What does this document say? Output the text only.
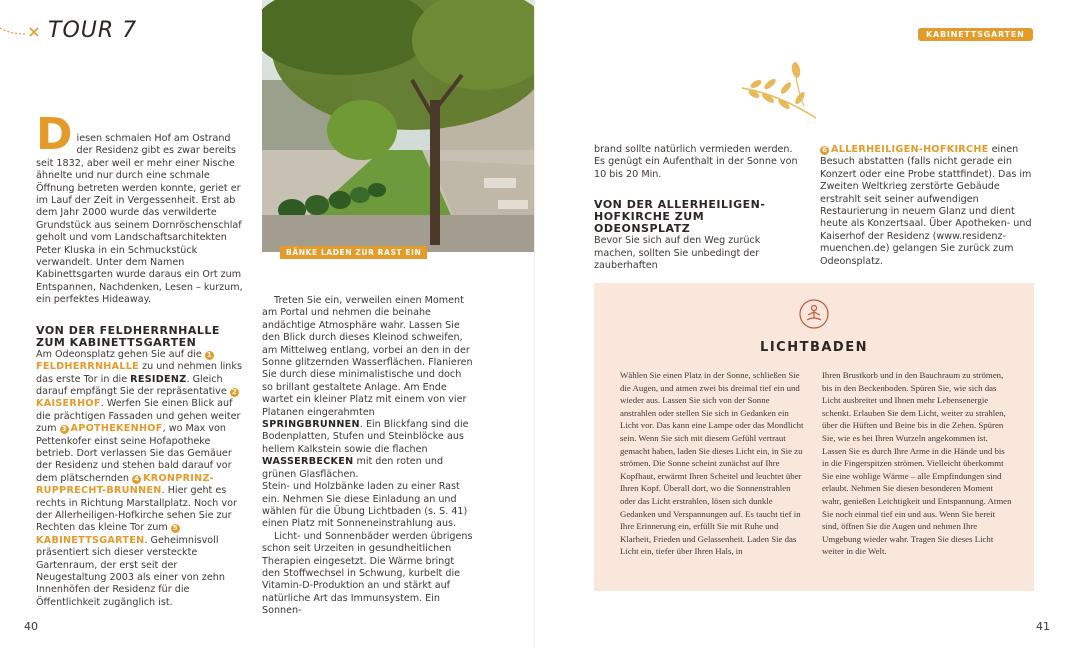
TOUR 7

Diesen schmalen Hof am Ostrand der Residenz gibt es zwar bereits seit 1832, aber weil er mehr einer Nische ähnelte und nur durch eine schmale Öffnung betreten werden konnte, geriet er im Lauf der Zeit in Vergessenheit. Erst ab dem Jahr 2000 wurde das verwilderte Grundstück aus seinem Dornröschenschlaf geholt und vom Landschaftsarchitekten Peter Kluska in ein Schmuckstück verwandelt. Unter dem Namen Kabinettsgarten wurde daraus ein Ort zum Entspannen, Nachdenken, Lesen – kurzum, ein perfektes Hideaway.

VON DER FELDHERRNHALLE ZUM KABINETTSGARTEN

Am Odeonsplatz gehen Sie auf die 1FELDHERRNHALLE zu und nehmen links das erste Tor in die RESIDENZ. Gleich darauf empfängt Sie der repräsentative 2KAISERHOF. Werfen Sie einen Blick auf die prächtigen Fassaden und gehen weiter zum 3 APOTHEKENHOF, wo Max von Pettenkofer einst seine Hofapotheke betrieb. Dort verlassen Sie das Gemäuer der Residenz und stehen bald darauf vor dem plätschernden 4 KRONPRINZ-RUPPRECHT-BRUNNEN. Hier geht es rechts in Richtung Marstallplatz. Noch vor der Allerheiligen-Hofkirche sehen Sie zur Rechten das kleine Tor zum 5KABINETTSGARTEN. Geheimnisvoll präsentiert sich dieser versteckte Gartenraum, der erst seit der Neugestaltung 2003 als einer von zehn Innenhöfen der Residenz für die Öffentlichkeit zugänglich ist.

BÄNKE LADEN ZUR RAST EIN

Treten Sie ein, verweilen einen Moment am Portal und nehmen die beinahe andächtige Atmosphäre wahr. Lassen Sie den Blick durch dieses Kleinod schweifen, am Mittelweg entlang, vorbei an den in der Sonne glitzernden Wasserflächen. Flanieren Sie durch diese minimalistische und doch so brillant gestaltete Anlage. Am Ende wartet ein kleiner Platz mit einem von vier Platanen eingerahmten SPRINGBRUNNEN. Ein Blickfang sind die Bodenplatten, Stufen und Steinblöcke aus hellem Kalkstein sowie die flachen WASSERBECKEN mit den roten und grünen Glasflächen.

Stein- und Holzbänke laden zu einer Rast ein. Nehmen Sie diese Einladung an und wählen für die Übung Lichtbaden (s. S. 41) einen Platz mit Sonneneinstrahlung aus.

Licht- und Sonnenbäder werden übrigens schon seit Urzeiten in gesundheitlichen Therapien eingesetzt. Die Wärme bringt den Stoffwechsel in Schwung, kurbelt die Vitamin-D-Produktion an und stärkt auf natürliche Art das Immunsystem. Ein Sonnen-

KABINETTSGARTEN

brand sollte natürlich vermieden werden. Es genügt ein Aufenthalt in der Sonne von 10 bis 20 Min.

VON DER ALLERHEILIGEN-HOFKIRCHE ZUM ODEONSPLATZ

Bevor Sie sich auf den Weg zurück machen, sollten Sie unbedingt der zauberhaften

6 ALLERHEILIGEN-HOFKIRCHE einen Besuch abstatten (falls nicht gerade ein Konzert oder eine Probe stattfindet). Das im Zweiten Weltkrieg zerstörte Gebäude erstrahlt seit seiner aufwendigen Restaurierung in neuem Glanz und dient heute als Konzertsaal. Über Apotheken- und Kaiserhof der Residenz (www.residenz-muenchen.de) gelangen Sie zurück zum Odeonsplatz.

LICHTBADEN
Wählen Sie einen Platz in der Sonne, schließen Sie die Augen, und atmen zwei bis dreimal tief ein und wieder aus. Lassen Sie sich von der Sonne anstrahlen oder stellen Sie sich in Gedanken ein Licht vor. Das kann eine Lampe oder das Mondlicht sein. Wenn Sie sich mit diesem Gefühl vertraut gemacht haben, laden Sie dieses Licht ein, in Sie zu strömen. Die Sonne scheint zunächst auf Ihre Kopfhaut, erwärmt Ihren Scheitel und leuchtet über Ihren Kopf. Überall dort, wo die Sonnenstrahlen oder das Licht erstrahlen, lösen sich dunkle Gedanken und Verspannungen auf. Es taucht tief in Ihre Erinnerung ein, erfüllt Sie mit Ruhe und Klarheit, Frieden und Gelassenheit. Laden Sie das Licht ein, tiefer über Ihren Hals, in
Ihren Brustkorb und in den Bauchraum zu strömen, bis in den Beckenboden. Spüren Sie, wie sich das Licht ausbreitet und Ihnen mehr Lebensenergie schenkt. Erlauben Sie dem Licht, weiter zu strahlen, über die Hüften und Beine bis in die Zehen. Spüren Sie, wie es bei Ihren Wurzeln angekommen ist. Lassen Sie es durch Ihre Arme in die Hände und bis in die Fingerspitzen strömen. Vielleicht überkommt Sie eine wohlige Wärme – alle Empfindungen sind erlaubt. Nehmen Sie diesen besonderen Moment wahr, genießen Leichtigkeit und Entspannung. Atmen Sie noch einmal tief ein und aus. Wenn Sie bereit sind, öffnen Sie die Augen und nehmen Ihre Umgebung wieder wahr. Tragen Sie dieses Licht weiter in die Welt.
40	41
